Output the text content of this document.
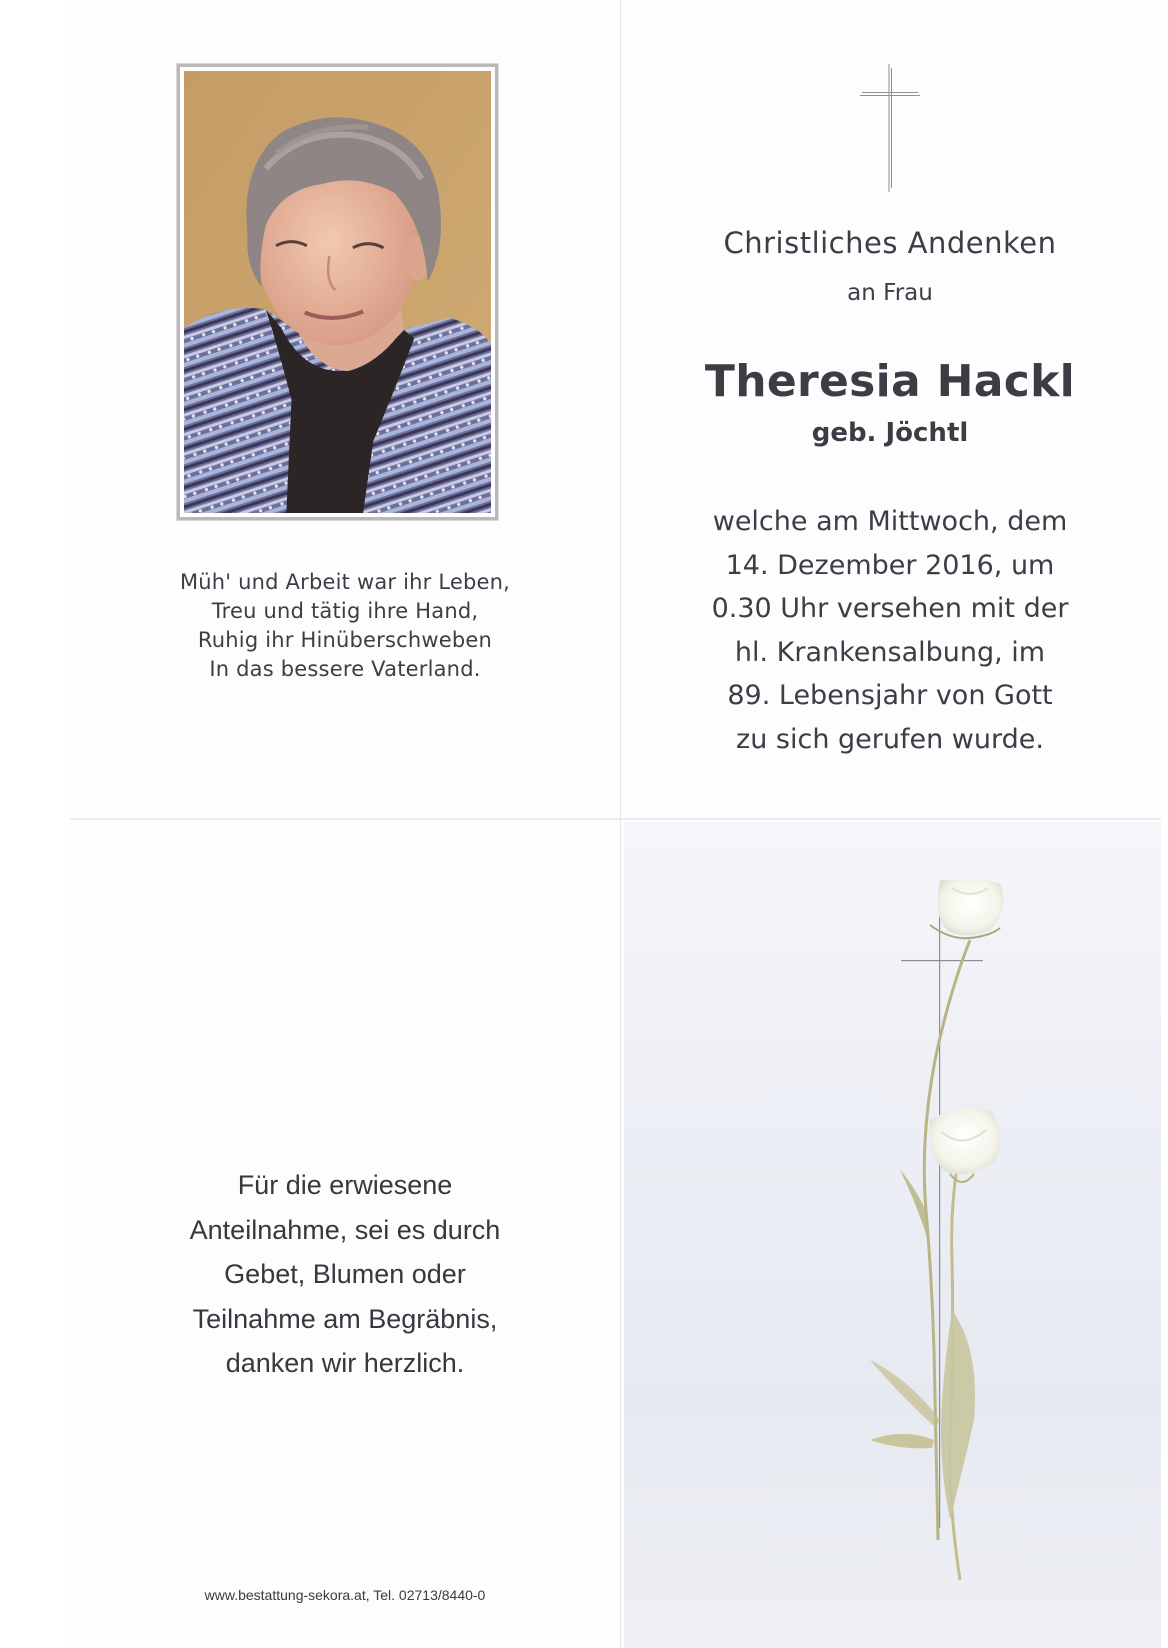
Müh' und Arbeit war ihr Leben,
Treu und tätig ihre Hand,
Ruhig ihr Hinüberschweben
In das bessere Vaterland.
Christliches Andenken
an Frau
Theresia Hackl
geb. Jöchtl
welche am Mittwoch, dem
14. Dezember 2016, um
0.30 Uhr versehen mit der
hl. Krankensalbung, im
89. Lebensjahr von Gott
zu sich gerufen wurde.
Für die erwiesene
Anteilnahme, sei es durch
Gebet, Blumen oder
Teilnahme am Begräbnis,
danken wir herzlich.
www.bestattung-sekora.at, Tel. 02713/8440-0
